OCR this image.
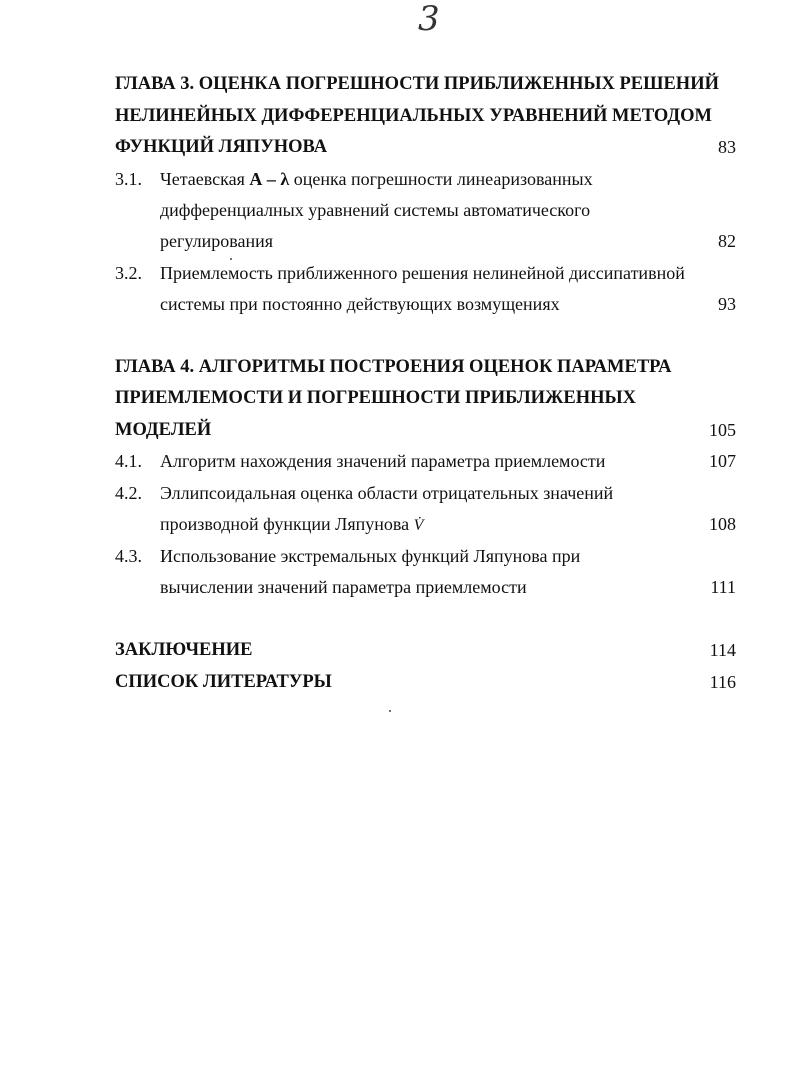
3
ГЛАВА 3. ОЦЕНКА ПОГРЕШНОСТИ ПРИБЛИЖЕННЫХ РЕШЕНИЙ
НЕЛИНЕЙНЫХ ДИФФЕРЕНЦИАЛЬНЫХ УРАВНЕНИЙ МЕТОДОМ
ФУНКЦИЙ ЛЯПУНОВА	83
3.1. Четаевская А – λ оценка погрешности линеаризованных
дифференциалных уравнений системы автоматического
регулирования	82
3.2. Приемлемость приближенного решения нелинейной диссипативной
системы при постоянно действующих возмущениях	93
ГЛАВА 4. АЛГОРИТМЫ ПОСТРОЕНИЯ ОЦЕНОК ПАРАМЕТРА
ПРИЕМЛЕМОСТИ И ПОГРЕШНОСТИ ПРИБЛИЖЕННЫХ
МОДЕЛЕЙ	105
4.1. Алгоритм нахождения значений параметра приемлемости	107
4.2. Эллипсоидальная оценка области отрицательных значений
производной функции Ляпунова V̇	108
4.3. Использование экстремальных функций Ляпунова при
вычислении значений параметра приемлемости	111
ЗАКЛЮЧЕНИЕ	114
СПИСОК ЛИТЕРАТУРЫ	116
